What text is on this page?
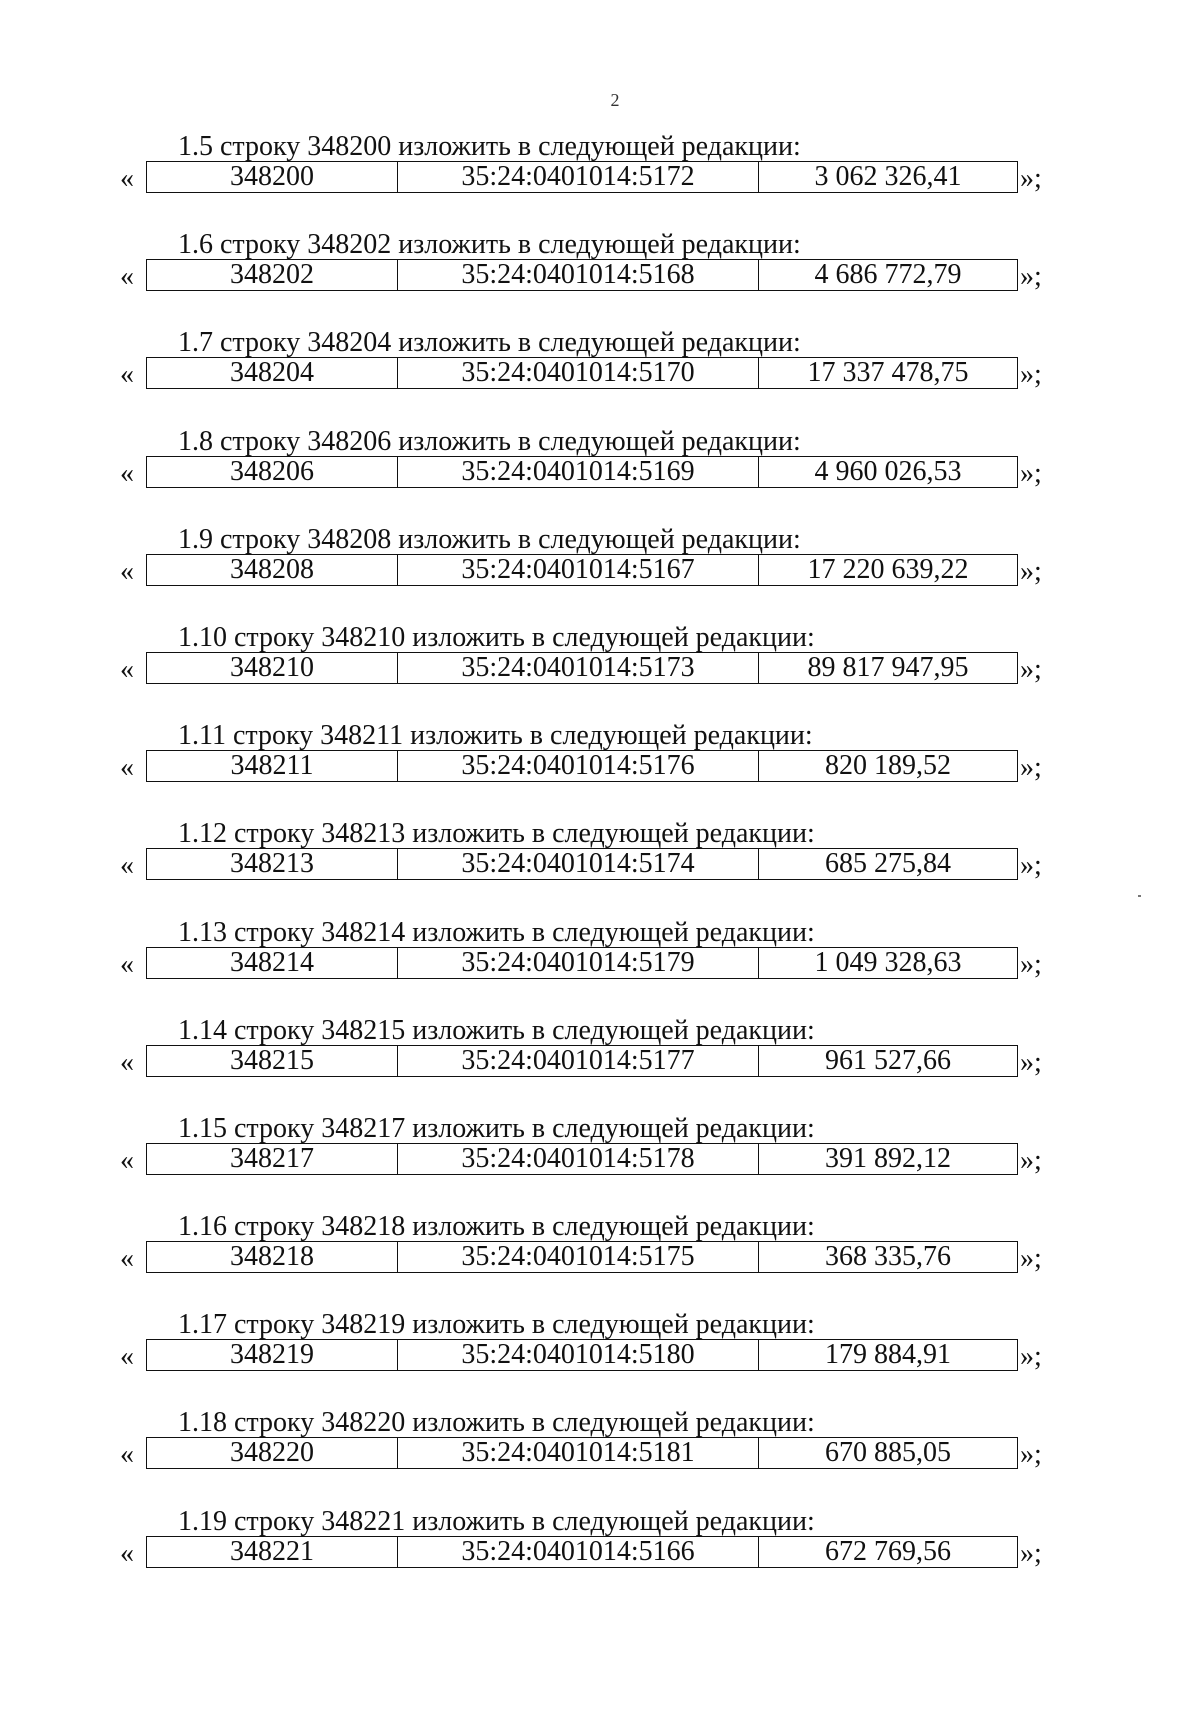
2
1.5 строку 348200 изложить в следующей редакции:
«	348200	35:24:0401014:5172	3 062 326,41	»;
1.6 строку 348202 изложить в следующей редакции:
«	348202	35:24:0401014:5168	4 686 772,79	»;
1.7 строку 348204 изложить в следующей редакции:
«	348204	35:24:0401014:5170	17 337 478,75	»;
1.8 строку 348206 изложить в следующей редакции:
«	348206	35:24:0401014:5169	4 960 026,53	»;
1.9 строку 348208 изложить в следующей редакции:
«	348208	35:24:0401014:5167	17 220 639,22	»;
1.10 строку 348210 изложить в следующей редакции:
«	348210	35:24:0401014:5173	89 817 947,95	»;
1.11 строку 348211 изложить в следующей редакции:
«	348211	35:24:0401014:5176	820 189,52	»;
1.12 строку 348213 изложить в следующей редакции:
«	348213	35:24:0401014:5174	685 275,84	»;
1.13 строку 348214 изложить в следующей редакции:
«	348214	35:24:0401014:5179	1 049 328,63	»;
1.14 строку 348215 изложить в следующей редакции:
«	348215	35:24:0401014:5177	961 527,66	»;
1.15 строку 348217 изложить в следующей редакции:
«	348217	35:24:0401014:5178	391 892,12	»;
1.16 строку 348218 изложить в следующей редакции:
«	348218	35:24:0401014:5175	368 335,76	»;
1.17 строку 348219 изложить в следующей редакции:
«	348219	35:24:0401014:5180	179 884,91	»;
1.18 строку 348220 изложить в следующей редакции:
«	348220	35:24:0401014:5181	670 885,05	»;
1.19 строку 348221 изложить в следующей редакции:
«	348221	35:24:0401014:5166	672 769,56	»;
